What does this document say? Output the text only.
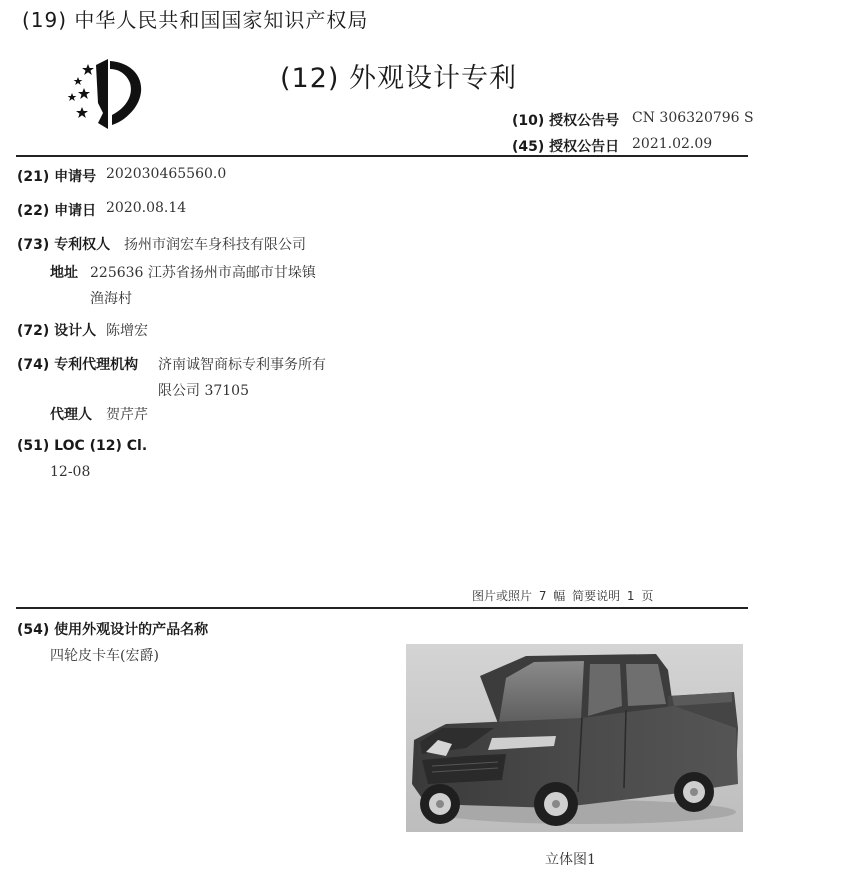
(19) 中华人民共和国国家知识产权局
(12) 外观设计专利
(10) 授权公告号 CN 306320796 S
(45) 授权公告日 2021.02.09
(21) 申请号 202030465560.0
(22) 申请日 2020.08.14
(73) 专利权人 扬州市润宏车身科技有限公司
地址 225636 江苏省扬州市高邮市甘垛镇
渔海村
(72) 设计人 陈增宏
(74) 专利代理机构 济南诚智商标专利事务所有
限公司 37105
代理人 贺芹芹
(51) LOC (12) Cl.
12-08
图片或照片 7 幅 简要说明 1 页
(54) 使用外观设计的产品名称
四轮皮卡车(宏爵)
立体图1
